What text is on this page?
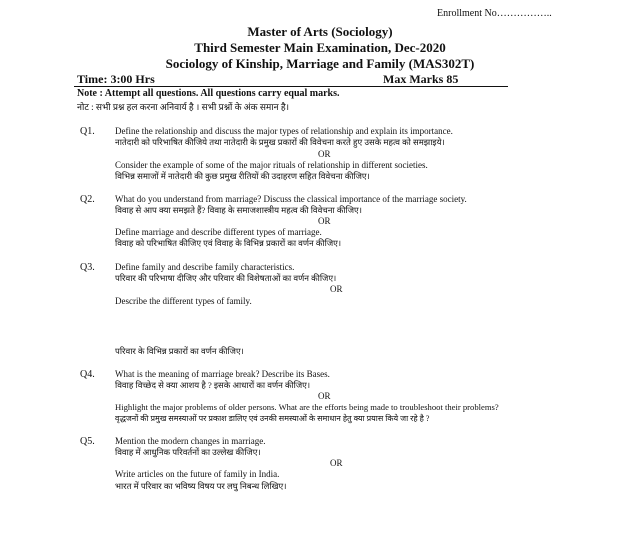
Enrollment No……………..
Master of Arts (Sociology)
Third Semester Main Examination, Dec-2020
Sociology of Kinship, Marriage and Family (MAS302T)
Time: 3:00 Hrs	Max Marks 85
Note : Attempt all questions. All questions carry equal marks.
नोट : सभी प्रश्न हल करना अनिवार्य है । सभी प्रश्नों के अंक समान है।
Q1. Define the relationship and discuss the major types of relationship and explain its importance.
नातेदारी को परिभाषित कीजिये तथा नातेदारी के प्रमुख प्रकारों की विवेचना करते हुए उसके महत्व को समझाइये।
OR
Consider the example of some of the major rituals of relationship in different societies.
विभिन्न समाजों में नातेदारी की कुछ प्रमुख रीतियों की उदाहरण सहित विवेचना कीजिए।
Q2. What do you understand from marriage? Discuss the classical importance of the marriage society.
विवाह से आप क्या समझते हैं? विवाह के समाजशास्त्रीय महत्व की विवेचना कीजिए।
OR
Define marriage and describe different types of marriage.
विवाह को परिभाषित कीजिए एवं विवाह के विभिन्न प्रकारों का वर्णन कीजिए।
Q3. Define family and describe family characteristics.
परिवार की परिभाषा दीजिए और परिवार की विशेषताओं का वर्णन कीजिए।
OR
Describe the different types of family.
परिवार के विभिन्न प्रकारों का वर्णन कीजिए।
Q4. What is the meaning of marriage break? Describe its Bases.
विवाह विच्छेद से क्या आशय है ? इसके आधारों का वर्णन कीजिए।
OR
Highlight the major problems of older persons. What are the efforts being made to troubleshoot their problems?
वृद्धजनों की प्रमुख समस्याओं पर प्रकाश डालिए एवं उनकी समस्याओं के समाधान हेतु क्या प्रयास किये जा रहे है ?
Q5. Mention the modern changes in marriage.
विवाह में आधुनिक परिवर्तनों का उल्लेख कीजिए।
OR
Write articles on the future of family in India.
भारत में परिवार का भविष्य विषय पर लघु निबन्ध लिखिए।
